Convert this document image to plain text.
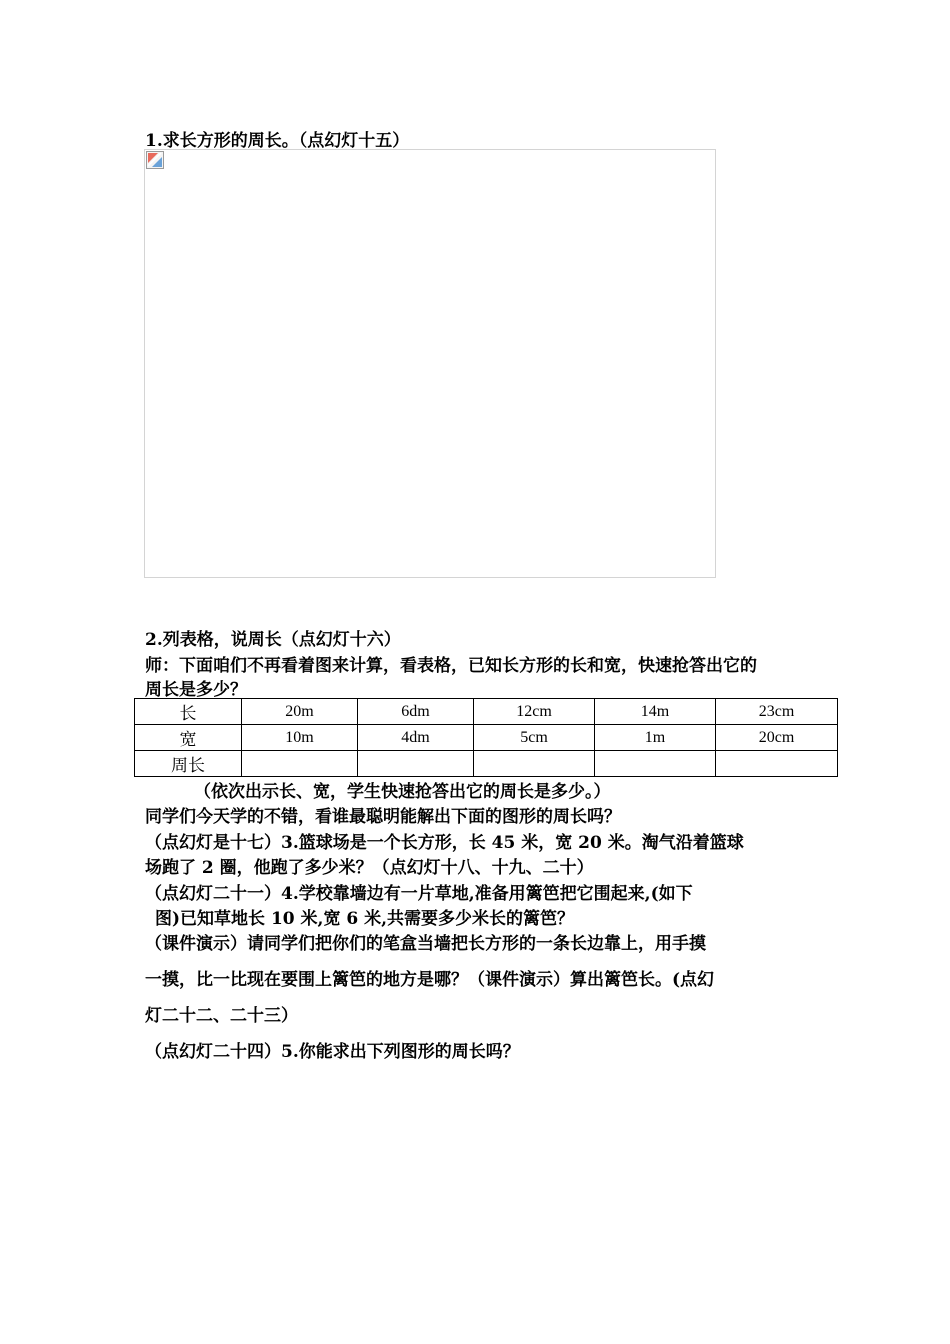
1.求长方形的周长。（点幻灯十五）
2.列表格，说周长（点幻灯十六）
师：下面咱们不再看着图来计算，看表格，已知长方形的长和宽，快速抢答出它的
周长是多少？
长	20m	6dm	12cm	14m	23cm
宽	10m	4dm	5cm	1m	20cm
周长					
（依次出示长、宽，学生快速抢答出它的周长是多少。）
同学们今天学的不错，看谁最聪明能解出下面的图形的周长吗？
（点幻灯是十七）3.篮球场是一个长方形，长 45 米，宽 20 米。淘气沿着篮球
场跑了 2 圈，他跑了多少米？（点幻灯十八、十九、二十）
（点幻灯二十一）4.学校靠墙边有一片草地,准备用篱笆把它围起来,(如下
图)已知草地长 10 米,宽 6 米,共需要多少米长的篱笆？
（课件演示）请同学们把你们的笔盒当墙把长方形的一条长边靠上，用手摸
一摸，比一比现在要围上篱笆的地方是哪？（课件演示）算出篱笆长。(点幻
灯二十二、二十三）
（点幻灯二十四）5.你能求出下列图形的周长吗？
